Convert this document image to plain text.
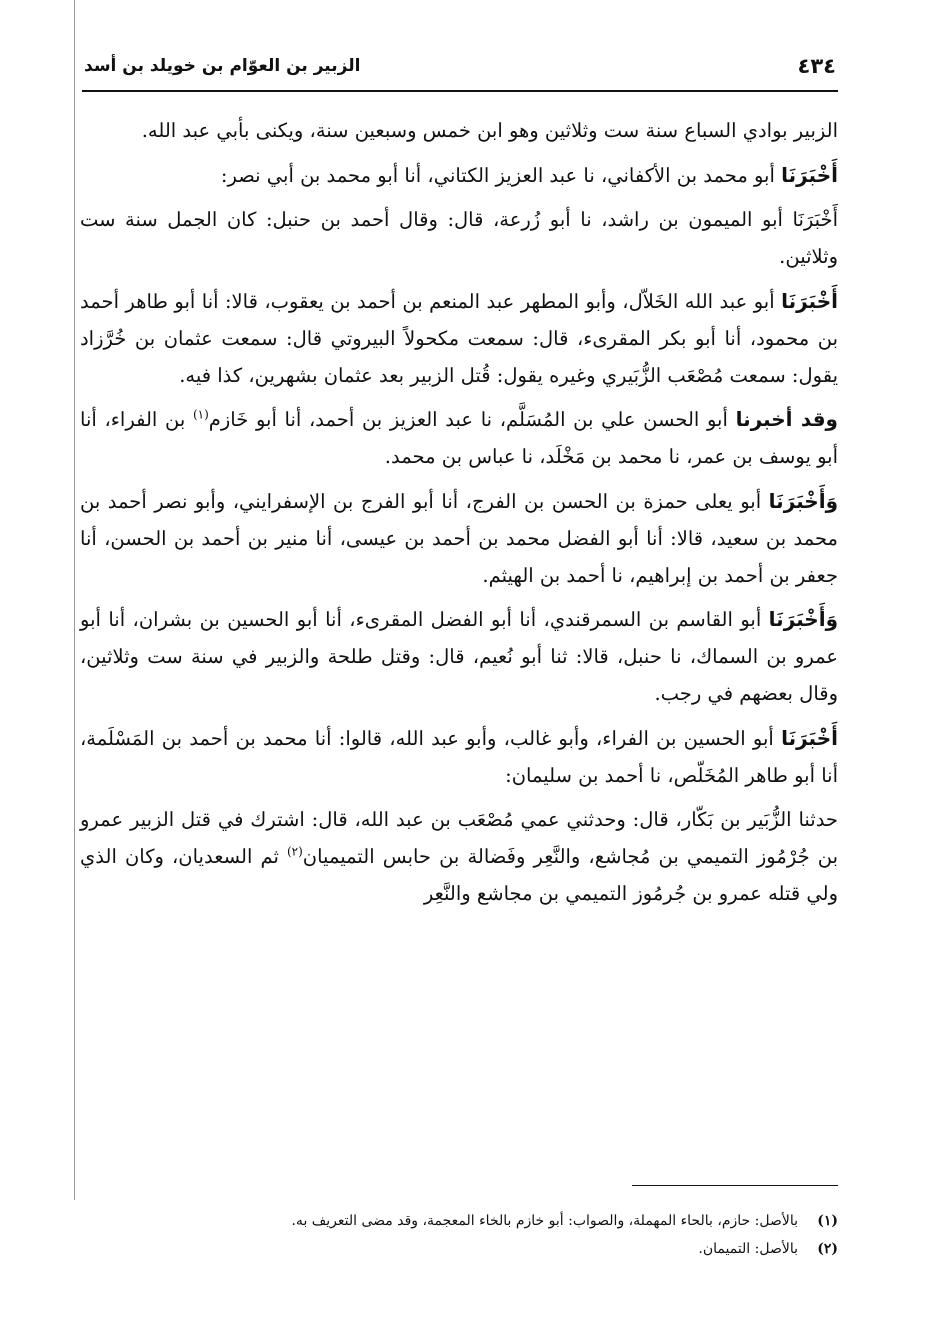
٤٣٤
الزبير بن العوّام بن خويلد بن أسد

الزبير بوادي السباع سنة ست وثلاثين وهو ابن خمس وسبعين سنة، ويكنى بأبي عبد الله.

أَخْبَرَنَا أبو محمد بن الأكفاني، نا عبد العزيز الكتاني، أنا أبو محمد بن أبي نصر:

أَخْبَرَنَا أبو الميمون بن راشد، نا أبو زُرعة، قال: وقال أحمد بن حنبل: كان الجمل سنة ست وثلاثين.

أَخْبَرَنَا أبو عبد الله الخَلاّل، وأبو المطهر عبد المنعم بن أحمد بن يعقوب، قالا: أنا أبو طاهر أحمد بن محمود، أنا أبو بكر المقرىء، قال: سمعت مكحولاً البيروتي قال: سمعت عثمان بن خُرَّزاد يقول: سمعت مُصْعَب الزُّبَيري وغيره يقول: قُتل الزبير بعد عثمان بشهرين، كذا فيه.

وقد أخبرنا أبو الحسن علي بن المُسَلَّم، نا عبد العزيز بن أحمد، أنا أبو خَازم$^{(١)}$ بن الفراء، أنا أبو يوسف بن عمر، نا محمد بن مَخْلَد، نا عباس بن محمد.

وَأَخْبَرَنَا أبو يعلى حمزة بن الحسن بن الفرج، أنا أبو الفرج بن الإسفرايني، وأبو نصر أحمد بن محمد بن سعيد، قالا: أنا أبو الفضل محمد بن أحمد بن عيسى، أنا منير بن أحمد بن الحسن، أنا جعفر بن أحمد بن إبراهيم، نا أحمد بن الهيثم.

وَأَخْبَرَنَا أبو القاسم بن السمرقندي، أنا أبو الفضل المقرىء، أنا أبو الحسين بن بشران، أنا أبو عمرو بن السماك، نا حنبل، قالا: ثنا أبو نُعيم، قال: وقتل طلحة والزبير في سنة ست وثلاثين، وقال بعضهم في رجب.

أَخْبَرَنَا أبو الحسين بن الفراء، وأبو غالب، وأبو عبد الله، قالوا: أنا محمد بن أحمد بن المَسْلَمة، أنا أبو طاهر المُخَلّص، نا أحمد بن سليمان:

حدثنا الزُّبَير بن بَكّار، قال: وحدثني عمي مُصْعَب بن عبد الله، قال: اشترك في قتل الزبير عمرو بن جُرْمُوز التميمي بن مُجاشع، والنَّعِر وفَضالة بن حابس التميميان$^{(٢)}$ ثم السعديان، وكان الذي ولي قتله عمرو بن جُرمُوز التميمي بن مجاشع والنَّعِر

(١)
بالأصل: حازم، بالحاء المهملة، والصواب: أبو خازم بالخاء المعجمة، وقد مضى التعريف به.
(٢)
بالأصل: التميمان.
